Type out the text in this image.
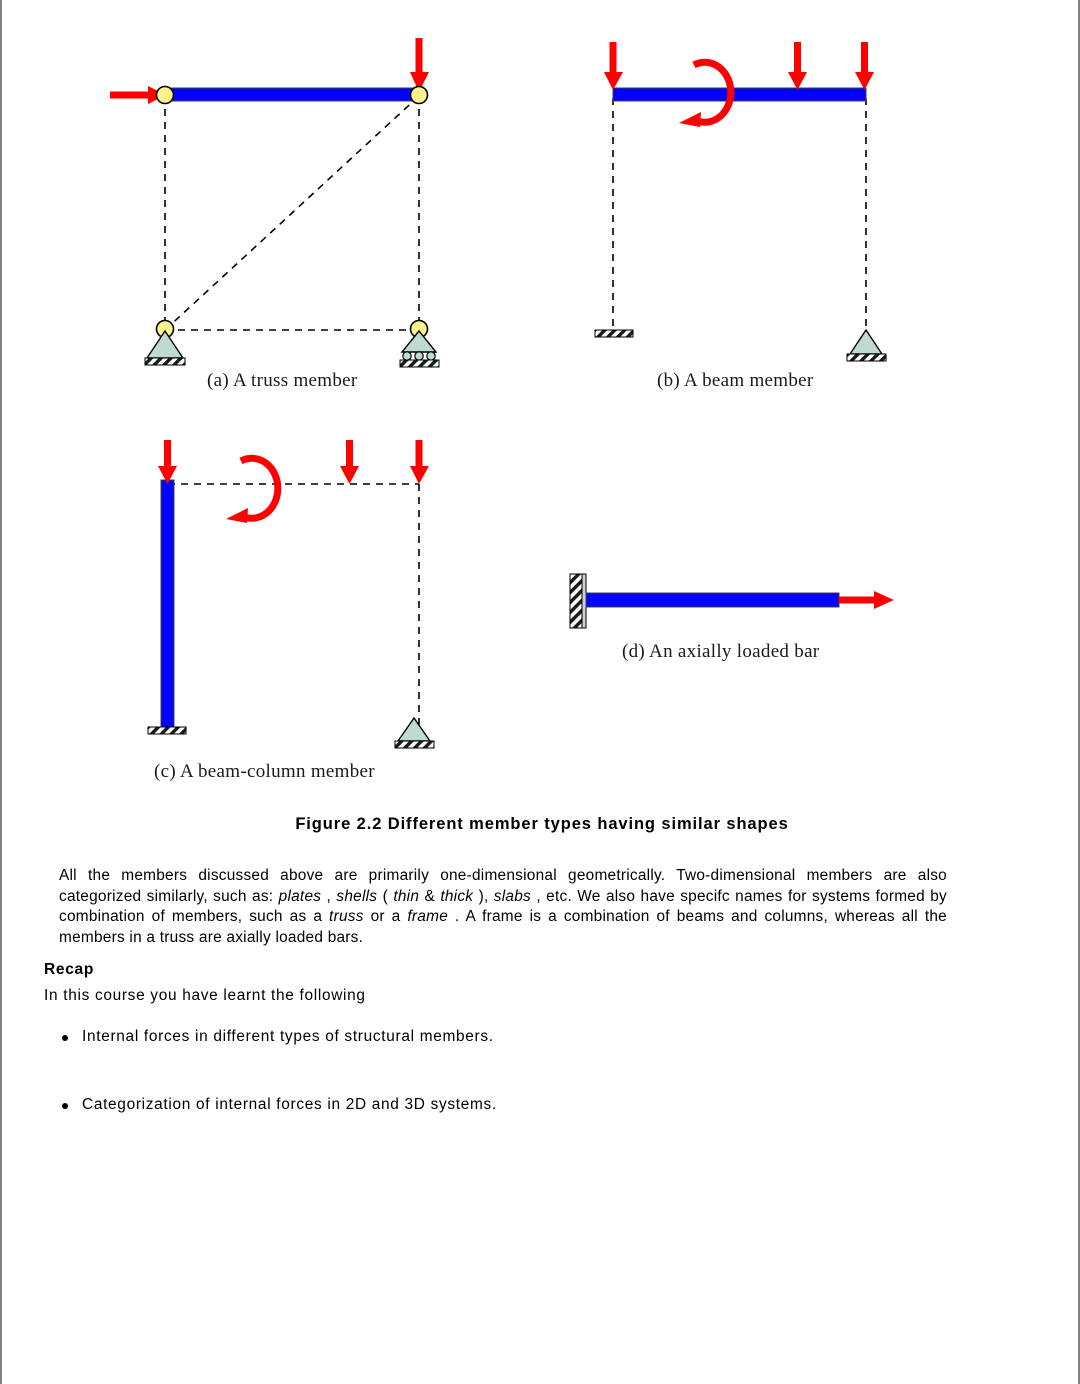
(a) A truss member	(b) A beam member
(c) A beam-column member
(d) An axially loaded bar
Figure 2.2 Different member types having similar shapes
All the members discussed above are primarily one-dimensional geometrically. Two-dimensional members are also categorized similarly, such as: plates , shells ( thin & thick ), slabs , etc. We also have specifc names for systems formed by combination of members, such as a truss or a frame . A frame is a combination of beams and columns, whereas all the members in a truss are axially loaded bars.
Recap
In this course you have learnt the following
Internal forces in different types of structural members.
Categorization of internal forces in 2D and 3D systems.
